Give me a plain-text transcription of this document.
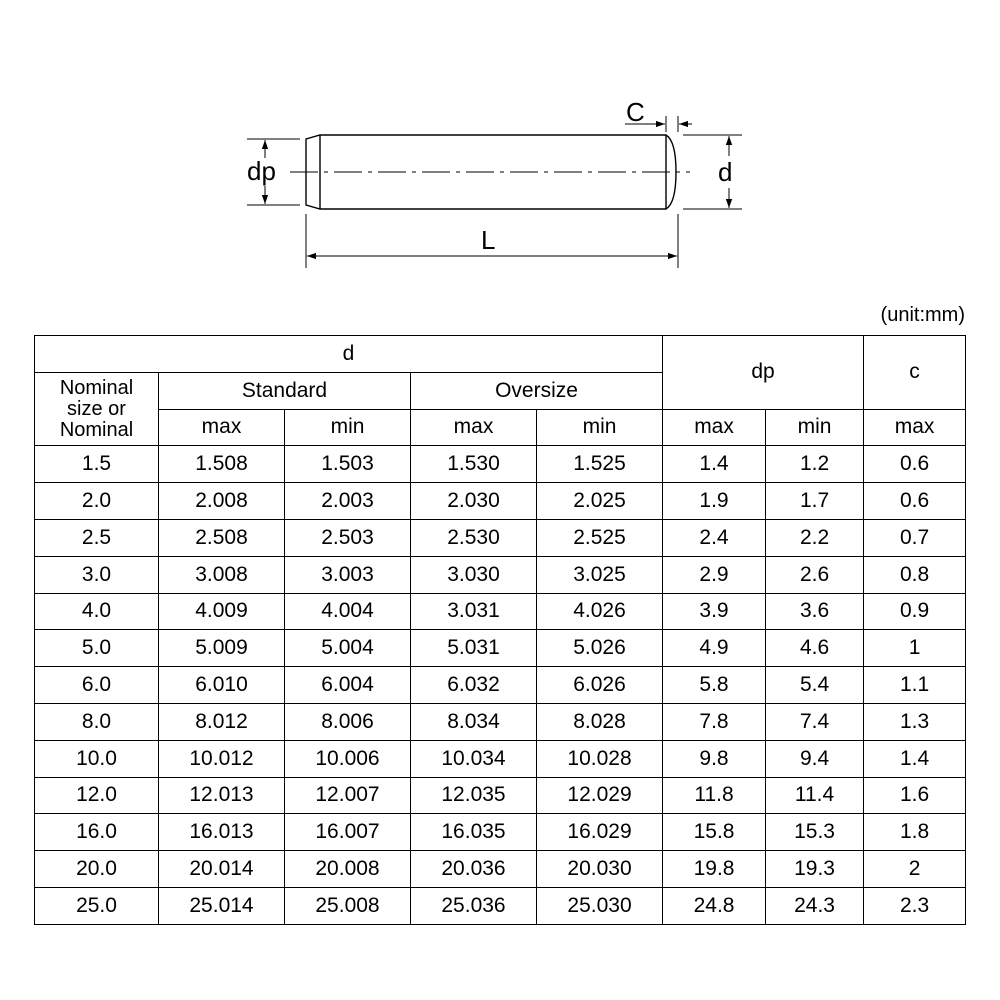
C
dp	d
L
(unit:mm)
d					dp		c

Nominal
size or
Nominal	Standard		Oversize				
	max	min	max	min	max	min	max
1.5	1.508	1.503	1.530	1.525	1.4	1.2	0.6
2.0	2.008	2.003	2.030	2.025	1.9	1.7	0.6
2.5	2.508	2.503	2.530	2.525	2.4	2.2	0.7
3.0	3.008	3.003	3.030	3.025	2.9	2.6	0.8
4.0	4.009	4.004	3.031	4.026	3.9	3.6	0.9
5.0	5.009	5.004	5.031	5.026	4.9	4.6	1
6.0	6.010	6.004	6.032	6.026	5.8	5.4	1.1
8.0	8.012	8.006	8.034	8.028	7.8	7.4	1.3
10.0	10.012	10.006	10.034	10.028	9.8	9.4	1.4
12.0	12.013	12.007	12.035	12.029	11.8	11.4	1.6
16.0	16.013	16.007	16.035	16.029	15.8	15.3	1.8
20.0	20.014	20.008	20.036	20.030	19.8	19.3	2
25.0	25.014	25.008	25.036	25.030	24.8	24.3	2.3
